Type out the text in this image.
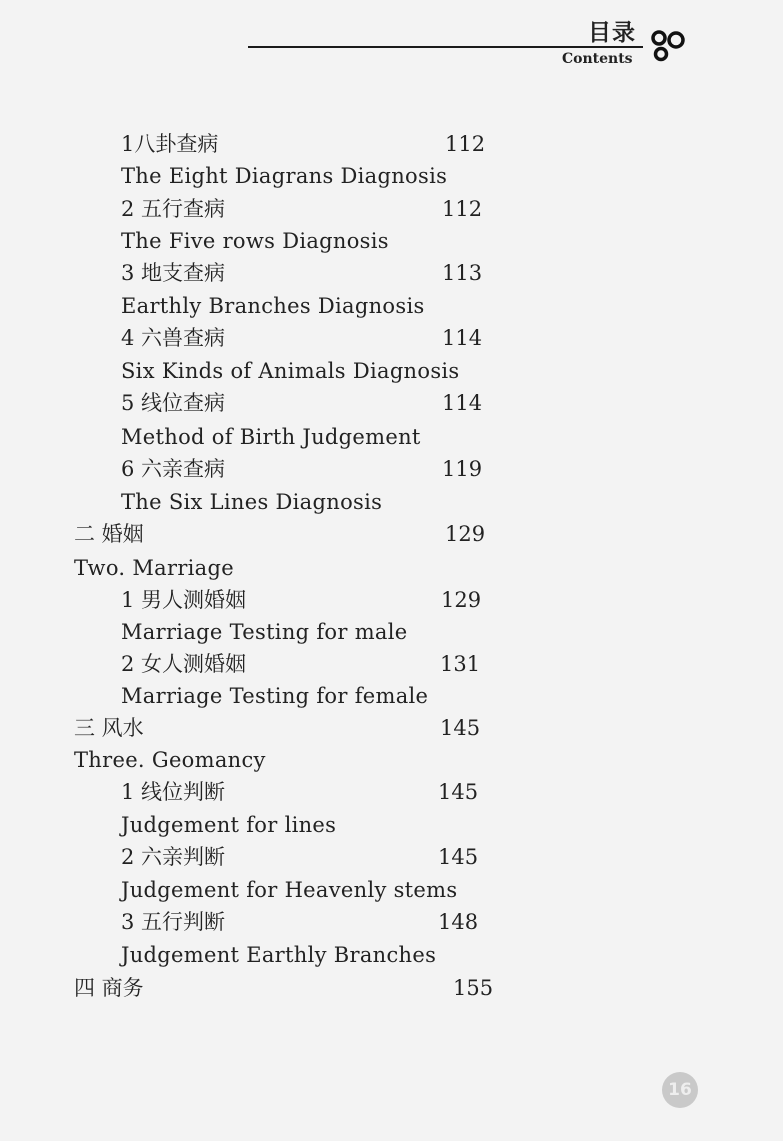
目录
Contents
1八卦查病	112
The Eight Diagrans Diagnosis
2 五行查病	112
The Five rows Diagnosis
3 地支查病	113
Earthly Branches Diagnosis
4 六兽查病	114
Six Kinds of Animals Diagnosis
5 线位查病	114
Method of Birth Judgement
6 六亲查病	119
The Six Lines Diagnosis
二 婚姻	129
Two. Marriage
1 男人测婚姻	129
Marriage Testing for male
2 女人测婚姻	131
Marriage Testing for female
三 风水	145
Three. Geomancy
1 线位判断	145
Judgement for lines
2 六亲判断	145
Judgement for Heavenly stems
3 五行判断	148
Judgement Earthly Branches
四 商务	155
16
